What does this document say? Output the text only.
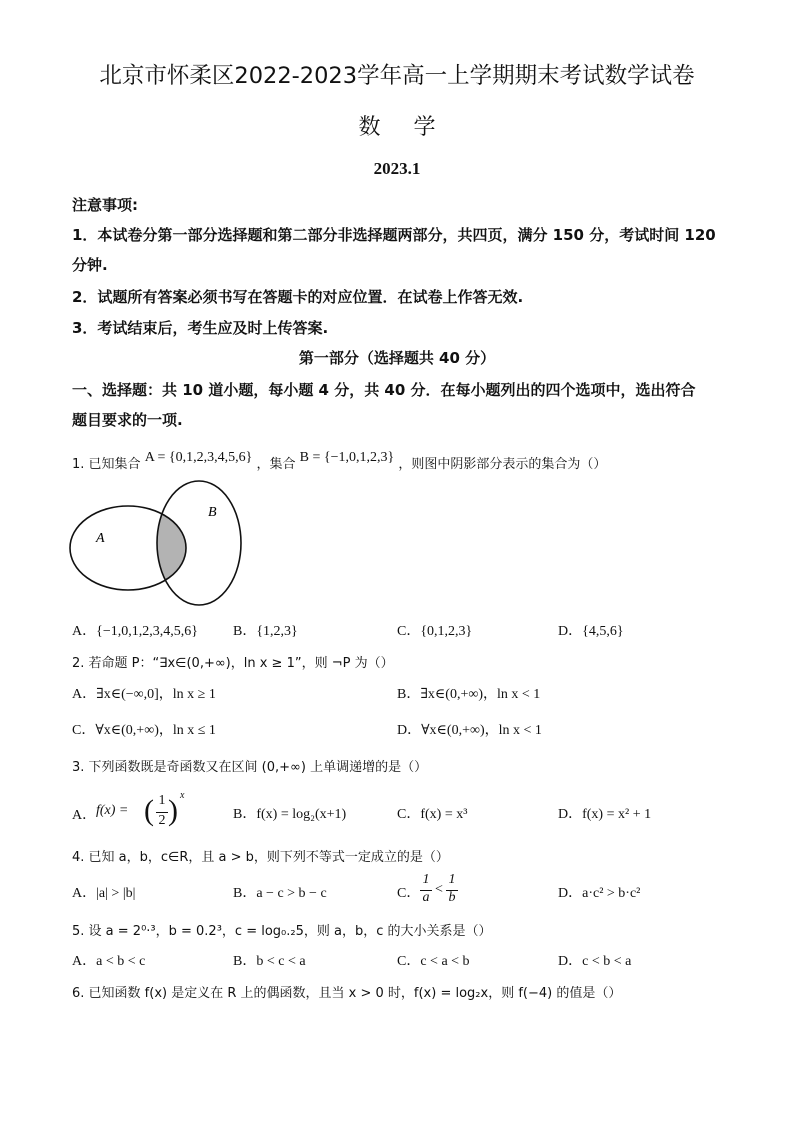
北京市怀柔区2022-2023学年高一上学期期末考试数学试卷
数 学
2023.1
注意事项:
1．本试卷分第一部分选择题和第二部分非选择题两部分，共四页，满分 150 分，考试时间 120
分钟.
2．试题所有答案必须书写在答题卡的对应位置．在试卷上作答无效.
3．考试结束后，考生应及时上传答案.
第一部分（选择题共 40 分）
一、选择题：共 10 道小题，每小题 4 分，共 40 分．在每小题列出的四个选项中，选出符合
题目要求的一项.
1. 已知集合 A = {0,1,2,3,4,5,6} ，集合 B = {−1,0,1,2,3} ，则图中阴影部分表示的集合为（）
A
B
A．{−1,0,1,2,3,4,5,6}	B．{1,2,3}	C．{0,1,2,3}	D．{4,5,6}
2. 若命题 P：“∃x∈(0,+∞)，ln x ≥ 1”，则 ¬P 为（）
A．∃x∈(−∞,0]，ln x ≥ 1	B．∃x∈(0,+∞)，ln x < 1
C．∀x∈(0,+∞)，ln x ≤ 1	D．∀x∈(0,+∞)，ln x < 1
3. 下列函数既是奇函数又在区间 (0,+∞) 上单调递增的是（）
A． f(x) = ( 1
2 ) x
B．f(x) = log₂(x+1)	C．f(x) = x³	D．f(x) = x² + 1
4. 已知 a，b，c∈R，且 a > b，则下列不等式一定成立的是（）
A．|a| > |b|	B．a − c > b − c	C．
1
a
<
1
b	D．a·c² > b·c²
5. 设 a = 2⁰·³，b = 0.2³，c = log₀.₂5，则 a，b，c 的大小关系是（）
A．a < b < c	B．b < c < a	C．c < a < b	D．c < b < a
6. 已知函数 f(x) 是定义在 R 上的偶函数，且当 x > 0 时，f(x) = log₂x，则 f(−4) 的值是（）
